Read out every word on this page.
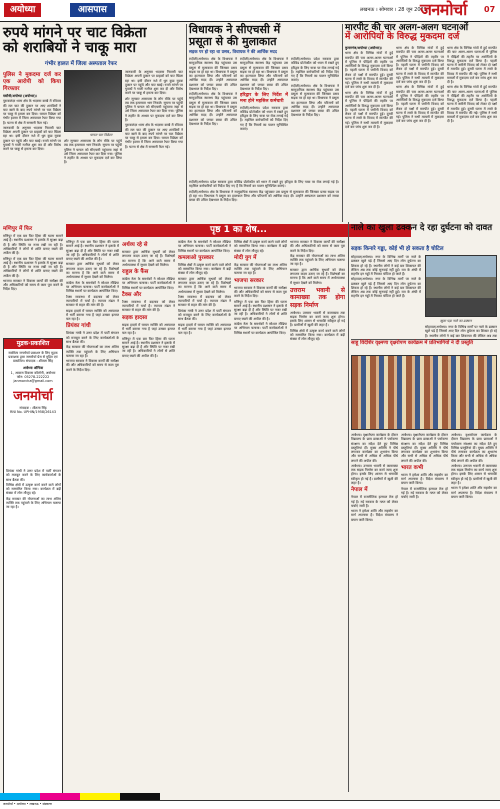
अयोध्या	आसपास	लखनऊ । सोमवार । 28 जून 2021
जनमोर्चा 07
रुपये मांगने पर चाट विक्रेता
को शराबियों ने चाकू मारा
गंभीर हालत में जिला अस्पताल रेफर

पुलिस ने मुकदमा दर्ज कर एक आरोपी को किया गिरफ्तार

मसौधी/अयोध्या (अयोध्या)।

पूराकलंदर थाना क्षेत्र के भदरसा कस्बे में रविवार की रात चाट की दुकान पर आए शराबियों ने चाट खाने के बाद रुपये मांगने पर चाट विक्रेता पर चाकू से हमला कर दिया। घायल विक्रेता को गंभीर हालत में जिला अस्पताल रेफर किया गया है। घटना से क्षेत्र में सनसनी फैल गई।

जानकारी के अनुसार भदरसा निवासी चाट विक्रेता अपनी दुकान पर ग्राहकों को चाट खिला रहा था। इसी दौरान नशे में धुत कुछ युवक दुकान पर पहुंचे और चाट खाई। रुपये मांगने पर युवकों ने गाली गलौज शुरू कर दी और विरोध करने पर चाकू से हमला कर दिया।

घायल चाट विक्रेता

शोर सुनकर आसपास के लोग मौके पर पहुंचे तब तक हमलावर भाग निकले। सूचना पर पहुंची पुलिस ने घायल को सीएचसी पहुंचाया जहां से उसे जिला अस्पताल रेफर कर दिया गया। पुलिस ने तहरीर के आधार पर मुकदमा दर्ज कर लिया है।

जानकारी के अनुसार भदरसा निवासी चाट विक्रेता अपनी दुकान पर ग्राहकों को चाट खिला रहा था। इसी दौरान नशे में धुत कुछ युवक दुकान पर पहुंचे और चाट खाई। रुपये मांगने पर युवकों ने गाली गलौज शुरू कर दी और विरोध करने पर चाकू से हमला कर दिया।

शोर सुनकर आसपास के लोग मौके पर पहुंचे तब तक हमलावर भाग निकले। सूचना पर पहुंची पुलिस ने घायल को सीएचसी पहुंचाया जहां से उसे जिला अस्पताल रेफर कर दिया गया। पुलिस ने तहरीर के आधार पर मुकदमा दर्ज कर लिया है।

पूराकलंदर थाना क्षेत्र के भदरसा कस्बे में रविवार की रात चाट की दुकान पर आए शराबियों ने चाट खाने के बाद रुपये मांगने पर चाट विक्रेता पर चाकू से हमला कर दिया। घायल विक्रेता को गंभीर हालत में जिला अस्पताल रेफर किया गया है। घटना से क्षेत्र में सनसनी फैल गई।

विधायक ने सीएचसी में
प्रसूता से की मुलाकात
सड़क पर हो रहा था प्रसव, विधायक ने की आर्थिक मदद

रुदौली/अयोध्या। क्षेत्र के विधायक ने सामुदायिक स्वास्थ्य केंद्र पहुंचकर उस प्रसूता से मुलाकात की जिसका प्रसव सड़क पर हो रहा था। विधायक ने प्रसूता का हालचाल लिया और परिजनों को आर्थिक मदद दी। उन्होंने अस्पताल प्रशासन को जच्चा बच्चा की उचित देखभाल के निर्देश दिए।

रुदौली/अयोध्या। क्षेत्र के विधायक ने सामुदायिक स्वास्थ्य केंद्र पहुंचकर उस प्रसूता से मुलाकात की जिसका प्रसव सड़क पर हो रहा था। विधायक ने प्रसूता का हालचाल लिया और परिजनों को आर्थिक मदद दी। उन्होंने अस्पताल प्रशासन को जच्चा बच्चा की उचित देखभाल के निर्देश दिए।

रुदौली/अयोध्या। क्षेत्र के विधायक ने सामुदायिक स्वास्थ्य केंद्र पहुंचकर उस प्रसूता से मुलाकात की जिसका प्रसव सड़क पर हो रहा था। विधायक ने प्रसूता का हालचाल लिया और परिजनों को आर्थिक मदद दी। उन्होंने अस्पताल प्रशासन को जच्चा बच्चा की उचित देखभाल के निर्देश दिए।

हरिद्वार के लिए निर्देश में मना होने महसिल कर्मचारी

रुदौली/अयोध्या। प्रदेश सरकार द्वारा कोविड प्रोटोकॉल को ध्यान में रखते हुए हरिद्वार के लिए यात्रा पर रोक लगाई गई है। महसिल कर्मचारियों को निर्देश दिए गए हैं कि नियमों का पालन सुनिश्चित कराएं।

रुदौली/अयोध्या। प्रदेश सरकार द्वारा कोविड प्रोटोकॉल को ध्यान में रखते हुए हरिद्वार के लिए यात्रा पर रोक लगाई गई है। महसिल कर्मचारियों को निर्देश दिए गए हैं कि नियमों का पालन सुनिश्चित कराएं।

रुदौली/अयोध्या। क्षेत्र के विधायक ने सामुदायिक स्वास्थ्य केंद्र पहुंचकर उस प्रसूता से मुलाकात की जिसका प्रसव सड़क पर हो रहा था। विधायक ने प्रसूता का हालचाल लिया और परिजनों को आर्थिक मदद दी। उन्होंने अस्पताल प्रशासन को जच्चा बच्चा की उचित देखभाल के निर्देश दिए।

रुदौली/अयोध्या। प्रदेश सरकार द्वारा कोविड प्रोटोकॉल को ध्यान में रखते हुए हरिद्वार के लिए यात्रा पर रोक लगाई गई है। महसिल कर्मचारियों को निर्देश दिए गए हैं कि नियमों का पालन सुनिश्चित कराएं।

रुदौली/अयोध्या। क्षेत्र के विधायक ने सामुदायिक स्वास्थ्य केंद्र पहुंचकर उस प्रसूता से मुलाकात की जिसका प्रसव सड़क पर हो रहा था। विधायक ने प्रसूता का हालचाल लिया और परिजनों को आर्थिक मदद दी। उन्होंने अस्पताल प्रशासन को जच्चा बच्चा की उचित देखभाल के निर्देश दिए।

मारपीट की चार अलग-अलग घटनाओं
में आरोपियों के विरुद्ध मुकदमा दर्ज

कुमारगंज/अयोध्या (अयोध्या)।

थाना क्षेत्र के विभिन्न गांवों में हुई मारपीट की चार अलग-अलग घटनाओं में पुलिस ने पीड़ितों की तहरीर पर आरोपियों के विरुद्ध मुकदमा दर्ज किया है। पहली घटना में जमीनी विवाद को लेकर दो पक्षों में मारपीट हुई। दूसरी घटना में रास्ते के विवाद में मारपीट की गई। पुलिस ने सभी मामलों में मुकदमा दर्ज कर जांच शुरू कर दी है।

थाना क्षेत्र के विभिन्न गांवों में हुई मारपीट की चार अलग-अलग घटनाओं में पुलिस ने पीड़ितों की तहरीर पर आरोपियों के विरुद्ध मुकदमा दर्ज किया है। पहली घटना में जमीनी विवाद को लेकर दो पक्षों में मारपीट हुई। दूसरी घटना में रास्ते के विवाद में मारपीट की गई। पुलिस ने सभी मामलों में मुकदमा दर्ज कर जांच शुरू कर दी है।

थाना क्षेत्र के विभिन्न गांवों में हुई मारपीट की चार अलग-अलग घटनाओं में पुलिस ने पीड़ितों की तहरीर पर आरोपियों के विरुद्ध मुकदमा दर्ज किया है। पहली घटना में जमीनी विवाद को लेकर दो पक्षों में मारपीट हुई। दूसरी घटना में रास्ते के विवाद में मारपीट की गई। पुलिस ने सभी मामलों में मुकदमा दर्ज कर जांच शुरू कर दी है।

थाना क्षेत्र के विभिन्न गांवों में हुई मारपीट की चार अलग-अलग घटनाओं में पुलिस ने पीड़ितों की तहरीर पर आरोपियों के विरुद्ध मुकदमा दर्ज किया है। पहली घटना में जमीनी विवाद को लेकर दो पक्षों में मारपीट हुई। दूसरी घटना में रास्ते के विवाद में मारपीट की गई। पुलिस ने सभी मामलों में मुकदमा दर्ज कर जांच शुरू कर दी है।

थाना क्षेत्र के विभिन्न गांवों में हुई मारपीट की चार अलग-अलग घटनाओं में पुलिस ने पीड़ितों की तहरीर पर आरोपियों के विरुद्ध मुकदमा दर्ज किया है। पहली घटना में जमीनी विवाद को लेकर दो पक्षों में मारपीट हुई। दूसरी घटना में रास्ते के विवाद में मारपीट की गई। पुलिस ने सभी मामलों में मुकदमा दर्ज कर जांच शुरू कर दी है।

थाना क्षेत्र के विभिन्न गांवों में हुई मारपीट की चार अलग-अलग घटनाओं में पुलिस ने पीड़ितों की तहरीर पर आरोपियों के विरुद्ध मुकदमा दर्ज किया है। पहली घटना में जमीनी विवाद को लेकर दो पक्षों में मारपीट हुई। दूसरी घटना में रास्ते के विवाद में मारपीट की गई। पुलिस ने सभी मामलों में मुकदमा दर्ज कर जांच शुरू कर दी है।

मणिपुर में फिर

मणिपुर में एक बार फिर हिंसा की घटना सामने आई है। स्थानीय प्रशासन ने इलाके में सुरक्षा बढ़ा दी है और स्थिति पर नजर रखी जा रही है। अधिकारियों ने लोगों से शांति बनाए रखने की अपील की है।

मणिपुर में एक बार फिर हिंसा की घटना सामने आई है। स्थानीय प्रशासन ने इलाके में सुरक्षा बढ़ा दी है और स्थिति पर नजर रखी जा रही है। अधिकारियों ने लोगों से शांति बनाए रखने की अपील की है।

भाजपा सरकार ने विकास कार्यों की समीक्षा की और अधिकारियों को समय से काम पूरा करने के निर्देश दिए।

मुद्रक-प्रकाशित

स्वामित्व जनमोर्चा प्रकाशन के लिए मुद्रक प्रकाशक द्वारा जनमोर्चा प्रेस से मुद्रित एवं प्रकाशित। संपादक : शीतला सिंह

अयोध्या ऑफिस

1, आवास विकास कॉलोनी, अयोध्या

फोन: 05278-222222

janmorcha@gmail.com

जनमोर्चा

संपादक : शीतला सिंह

RNI No. UPHIN/1958/26143

प्रियंका गांधी ने उत्तर प्रदेश में पार्टी संगठन को मजबूत करने के लिए कार्यकर्ताओं के साथ बैठक की।

विभिन्न क्षेत्रों में उत्कृष्ट कार्य करने वाले लोगों को सम्मानित किया गया। कार्यक्रम में बड़ी संख्या में लोग मौजूद रहे।

केंद्र सरकार की योजनाओं का लाभ अंतिम व्यक्ति तक पहुंचाने के लिए अभियान चलाया जा रहा है।

पृष्ठ 1 का शेष...

मणिपुर में एक बार फिर हिंसा की घटना सामने आई है। स्थानीय प्रशासन ने इलाके में सुरक्षा बढ़ा दी है और स्थिति पर नजर रखी जा रही है। अधिकारियों ने लोगों से शांति बनाए रखने की अपील की है।

सरकार द्वारा आर्थिक सुधारों को लेकर लगातार कदम उठाए जा रहे हैं। विशेषज्ञों का मानना है कि आने वाले समय में अर्थव्यवस्था में सुधार देखने को मिलेगा।

कांग्रेस नेता के समर्थकों ने सोशल मीडिया पर अभियान चलाया। पार्टी कार्यकर्ताओं ने विभिन्न स्थानों पर कार्यक्रम आयोजित किए।

टैक्स व्यवस्था में बदलाव को लेकर व्यापारियों में चर्चा है। व्यापार मंडल ने सरकार से राहत की मांग की है।

सड़क हादसे में घायल व्यक्ति को अस्पताल में भर्ती कराया गया है जहां उसका इलाज चल रहा है।

प्रियंका गांधी

प्रियंका गांधी ने उत्तर प्रदेश में पार्टी संगठन को मजबूत करने के लिए कार्यकर्ताओं के साथ बैठक की।

केंद्र सरकार की योजनाओं का लाभ अंतिम व्यक्ति तक पहुंचाने के लिए अभियान चलाया जा रहा है।

भाजपा सरकार ने विकास कार्यों की समीक्षा की और अधिकारियों को समय से काम पूरा करने के निर्देश दिए।

अर्थव्य रहे से

सरकार द्वारा आर्थिक सुधारों को लेकर लगातार कदम उठाए जा रहे हैं। विशेषज्ञों का मानना है कि आने वाले समय में अर्थव्यवस्था में सुधार देखने को मिलेगा।

राहुल के फैंस

कांग्रेस नेता के समर्थकों ने सोशल मीडिया पर अभियान चलाया। पार्टी कार्यकर्ताओं ने विभिन्न स्थानों पर कार्यक्रम आयोजित किए।

टैक्स और

टैक्स व्यवस्था में बदलाव को लेकर व्यापारियों में चर्चा है। व्यापार मंडल ने सरकार से राहत की मांग की है।

सड़क हादसा

सड़क हादसे में घायल व्यक्ति को अस्पताल में भर्ती कराया गया है जहां उसका इलाज चल रहा है।

मणिपुर में एक बार फिर हिंसा की घटना सामने आई है। स्थानीय प्रशासन ने इलाके में सुरक्षा बढ़ा दी है और स्थिति पर नजर रखी जा रही है। अधिकारियों ने लोगों से शांति बनाए रखने की अपील की है।

कांग्रेस नेता के समर्थकों ने सोशल मीडिया पर अभियान चलाया। पार्टी कार्यकर्ताओं ने विभिन्न स्थानों पर कार्यक्रम आयोजित किए।

कमलाओ पुरस्कार

विभिन्न क्षेत्रों में उत्कृष्ट कार्य करने वाले लोगों को सम्मानित किया गया। कार्यक्रम में बड़ी संख्या में लोग मौजूद रहे।

सरकार द्वारा आर्थिक सुधारों को लेकर लगातार कदम उठाए जा रहे हैं। विशेषज्ञों का मानना है कि आने वाले समय में अर्थव्यवस्था में सुधार देखने को मिलेगा।

टैक्स व्यवस्था में बदलाव को लेकर व्यापारियों में चर्चा है। व्यापार मंडल ने सरकार से राहत की मांग की है।

प्रियंका गांधी ने उत्तर प्रदेश में पार्टी संगठन को मजबूत करने के लिए कार्यकर्ताओं के साथ बैठक की।

सड़क हादसे में घायल व्यक्ति को अस्पताल में भर्ती कराया गया है जहां उसका इलाज चल रहा है।

विभिन्न क्षेत्रों में उत्कृष्ट कार्य करने वाले लोगों को सम्मानित किया गया। कार्यक्रम में बड़ी संख्या में लोग मौजूद रहे।

मोदी युग में

केंद्र सरकार की योजनाओं का लाभ अंतिम व्यक्ति तक पहुंचाने के लिए अभियान चलाया जा रहा है।

भाजपा सरकार

भाजपा सरकार ने विकास कार्यों की समीक्षा की और अधिकारियों को समय से काम पूरा करने के निर्देश दिए।

मणिपुर में एक बार फिर हिंसा की घटना सामने आई है। स्थानीय प्रशासन ने इलाके में सुरक्षा बढ़ा दी है और स्थिति पर नजर रखी जा रही है। अधिकारियों ने लोगों से शांति बनाए रखने की अपील की है।

कांग्रेस नेता के समर्थकों ने सोशल मीडिया पर अभियान चलाया। पार्टी कार्यकर्ताओं ने विभिन्न स्थानों पर कार्यक्रम आयोजित किए।

भाजपा सरकार ने विकास कार्यों की समीक्षा की और अधिकारियों को समय से काम पूरा करने के निर्देश दिए।

केंद्र सरकार की योजनाओं का लाभ अंतिम व्यक्ति तक पहुंचाने के लिए अभियान चलाया जा रहा है।

सरकार द्वारा आर्थिक सुधारों को लेकर लगातार कदम उठाए जा रहे हैं। विशेषज्ञों का मानना है कि आने वाले समय में अर्थव्यवस्था में सुधार देखने को मिलेगा।

उत्तराम भवानी से कामाख्या तक होगा सड़क निर्माण

अयोध्या। उत्तराम भवानी से कामाख्या तक सड़क निर्माण का कार्य जल्द शुरू होगा। इसके लिए शासन से धनराशि स्वीकृत हो गई है। ग्रामीणों में खुशी की लहर है।

विभिन्न क्षेत्रों में उत्कृष्ट कार्य करने वाले लोगों को सम्मानित किया गया। कार्यक्रम में बड़ी संख्या में लोग मौजूद रहे।

नाले का खुला ढक्कन दे रहा दुर्घटना को दावत
सड़क किनारे गड्ढा, कोई भी हो सकता है चोटिल

सोहावल/अयोध्या। नगर के विभिन्न मार्गों पर नाले के ढक्कन खुले पड़े हैं जिससे आए दिन लोग दुर्घटना का शिकार हो रहे हैं। स्थानीय लोगों ने कई बार शिकायत की लेकिन अब तक कोई सुनवाई नहीं हुई। रात के अंधेरे में राहगीर इन गड्ढों में गिरकर चोटिल हो जाते हैं।

सोहावल/अयोध्या। नगर के विभिन्न मार्गों पर नाले के ढक्कन खुले पड़े हैं जिससे आए दिन लोग दुर्घटना का शिकार हो रहे हैं। स्थानीय लोगों ने कई बार शिकायत की लेकिन अब तक कोई सुनवाई नहीं हुई। रात के अंधेरे में राहगीर इन गड्ढों में गिरकर चोटिल हो जाते हैं।

खुला पड़ा नाले का ढक्कन

सोहावल/अयोध्या। नगर के विभिन्न मार्गों पर नाले के ढक्कन खुले पड़े हैं जिससे आए दिन लोग दुर्घटना का शिकार हो रहे हैं। स्थानीय लोगों ने कई बार शिकायत की लेकिन अब तक

साहू विदेशिर वृक्ष्मणा वृक्षरोपण कार्यक्रम में प्रतिभागियों ने दी प्रस्तुति

अयोध्या। वृक्षारोपण कार्यक्रम के दौरान विद्यालय के छात्र छात्राओं ने पर्यावरण संरक्षण का संदेश देते हुए विभिन्न प्रस्तुतियां दीं। मुख्य अतिथि ने पौधे लगाकर कार्यक्रम का शुभारंभ किया और सभी से अधिक से अधिक पौधे लगाने की अपील की।

अयोध्या। उत्तराम भवानी से कामाख्या तक सड़क निर्माण का कार्य जल्द शुरू होगा। इसके लिए शासन से धनराशि स्वीकृत हो गई है। ग्रामीणों में खुशी की लहर है।

नेपाल में

नेपाल में राजनीतिक हलचल तेज हो गई है। नई सरकार के गठन को लेकर चर्चाएं जारी हैं।

भारत ने हमेशा शांति और सहयोग का मार्ग अपनाया है। विदेश मंत्रालय ने बयान जारी किया।

अयोध्या। वृक्षारोपण कार्यक्रम के दौरान विद्यालय के छात्र छात्राओं ने पर्यावरण संरक्षण का संदेश देते हुए विभिन्न प्रस्तुतियां दीं। मुख्य अतिथि ने पौधे लगाकर कार्यक्रम का शुभारंभ किया और सभी से अधिक से अधिक पौधे लगाने की अपील की।

भारत कभी

भारत ने हमेशा शांति और सहयोग का मार्ग अपनाया है। विदेश मंत्रालय ने बयान जारी किया।

नेपाल में राजनीतिक हलचल तेज हो गई है। नई सरकार के गठन को लेकर चर्चाएं जारी हैं।

अयोध्या। वृक्षारोपण कार्यक्रम के दौरान विद्यालय के छात्र छात्राओं ने पर्यावरण संरक्षण का संदेश देते हुए विभिन्न प्रस्तुतियां दीं। मुख्य अतिथि ने पौधे लगाकर कार्यक्रम का शुभारंभ किया और सभी से अधिक से अधिक पौधे लगाने की अपील की।

अयोध्या। उत्तराम भवानी से कामाख्या तक सड़क निर्माण का कार्य जल्द शुरू होगा। इसके लिए शासन से धनराशि स्वीकृत हो गई है। ग्रामीणों में खुशी की लहर है।

भारत ने हमेशा शांति और सहयोग का मार्ग अपनाया है। विदेश मंत्रालय ने बयान जारी किया।

जनमोर्चा • अयोध्या • लखनऊ • संस्करण
